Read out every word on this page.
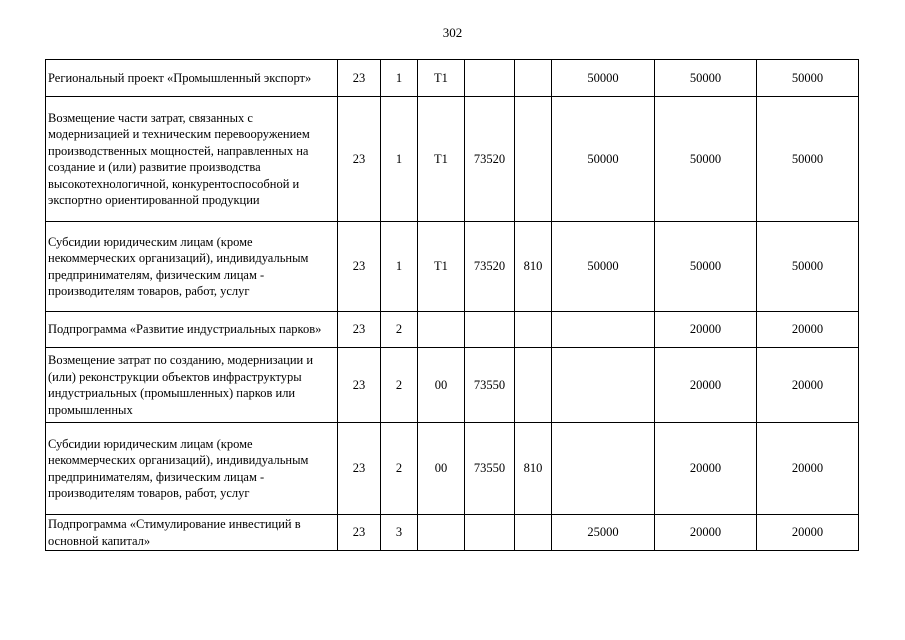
302
Региональный проект «Промышленный экспорт»	23	1	T1			50000	50000	50000
Возмещение части затрат, связанных с модернизацией и техническим перевооружением производственных мощностей, направленных на создание и (или) развитие производства высокотехнологичной, конкурентоспособной и экспортно ориентированной продукции	23	1	T1	73520		50000	50000	50000
Субсидии юридическим лицам (кроме некоммерческих организаций), индивидуальным предпринимателям, физическим лицам - производителям товаров, работ, услуг	23	1	T1	73520	810	50000	50000	50000
Подпрограмма «Развитие индустриальных парков»	23	2					20000	20000
Возмещение затрат по созданию, модернизации и (или) реконструкции объектов инфраструктуры индустриальных (промышленных) парков или промышленных	23	2	00	73550			20000	20000
Субсидии юридическим лицам (кроме некоммерческих организаций), индивидуальным предпринимателям, физическим лицам - производителям товаров, работ, услуг	23	2	00	73550	810		20000	20000
Подпрограмма «Стимулирование инвестиций в основной капитал»	23	3				25000	20000	20000
